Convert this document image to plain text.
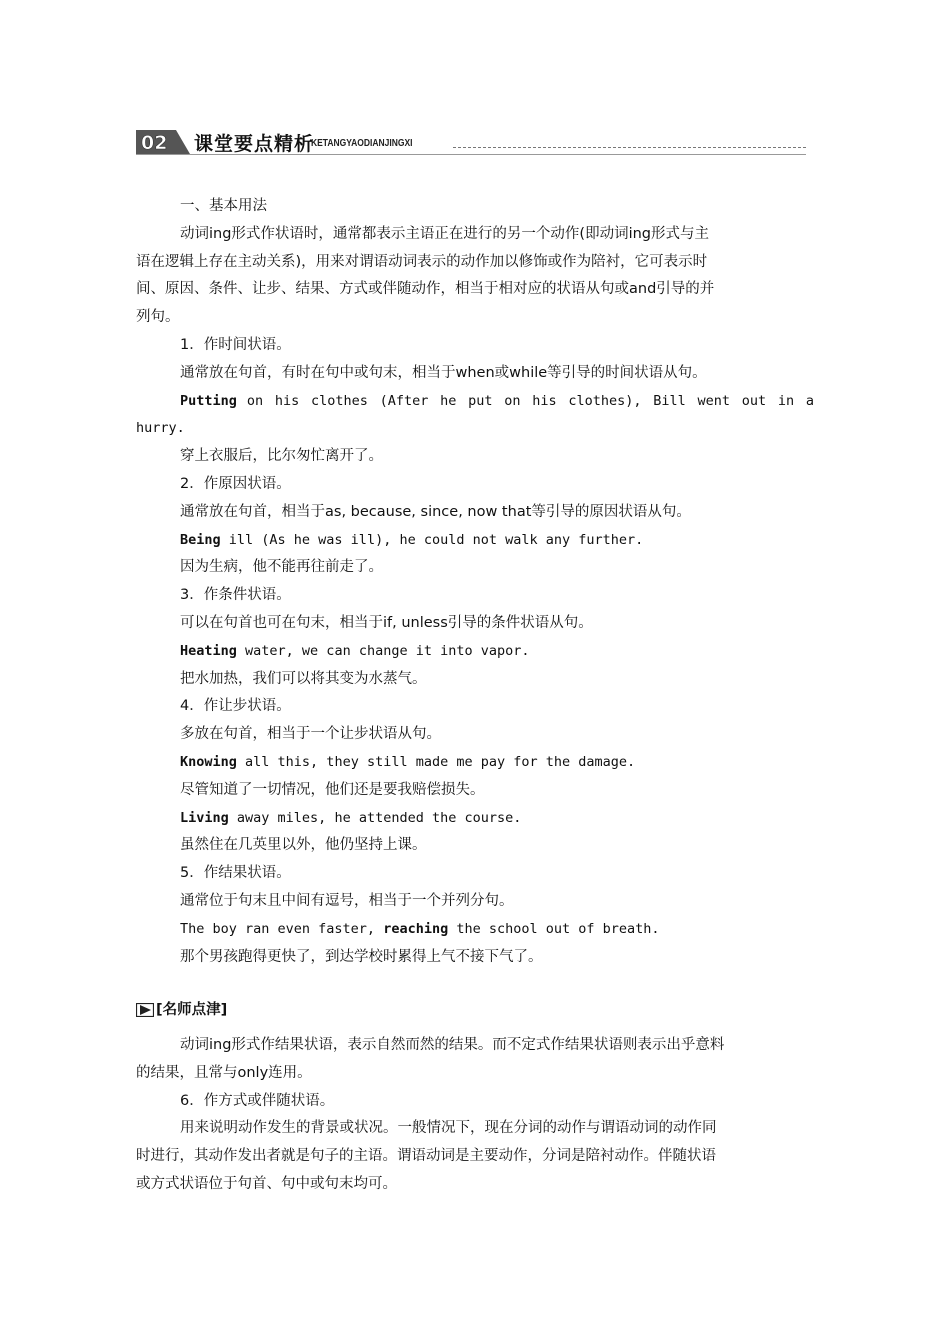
02 课堂要点精析
KETANGYAODIANJINGXI
一、基本用法
动词ing形式作状语时，通常都表示主语正在进行的另一个动作(即动词ing形式与主
语在逻辑上存在主动关系)，用来对谓语动词表示的动作加以修饰或作为陪衬，它可表示时
间、原因、条件、让步、结果、方式或伴随动作，相当于相对应的状语从句或and引导的并
列句。
1．作时间状语。
通常放在句首，有时在句中或句末，相当于when或while等引导的时间状语从句。
Putting on his clothes (After he put on his clothes), Bill went out in a
hurry.
穿上衣服后，比尔匆忙离开了。
2．作原因状语。
通常放在句首，相当于as, because, since, now that等引导的原因状语从句。
Being ill (As he was ill), he could not walk any further.
因为生病，他不能再往前走了。
3．作条件状语。
可以在句首也可在句末，相当于if, unless引导的条件状语从句。
Heating water, we can change it into vapor.
把水加热，我们可以将其变为水蒸气。
4．作让步状语。
多放在句首，相当于一个让步状语从句。
Knowing all this, they still made me pay for the damage.
尽管知道了一切情况，他们还是要我赔偿损失。
Living away miles, he attended the course.
虽然住在几英里以外，他仍坚持上课。
5．作结果状语。
通常位于句末且中间有逗号，相当于一个并列分句。
The boy ran even faster, reaching the school out of breath.
那个男孩跑得更快了，到达学校时累得上气不接下气了。
[名师点津]
动词ing形式作结果状语，表示自然而然的结果。而不定式作结果状语则表示出乎意料
的结果，且常与only连用。
6．作方式或伴随状语。
用来说明动作发生的背景或状况。一般情况下，现在分词的动作与谓语动词的动作同
时进行，其动作发出者就是句子的主语。谓语动词是主要动作，分词是陪衬动作。伴随状语
或方式状语位于句首、句中或句末均可。
